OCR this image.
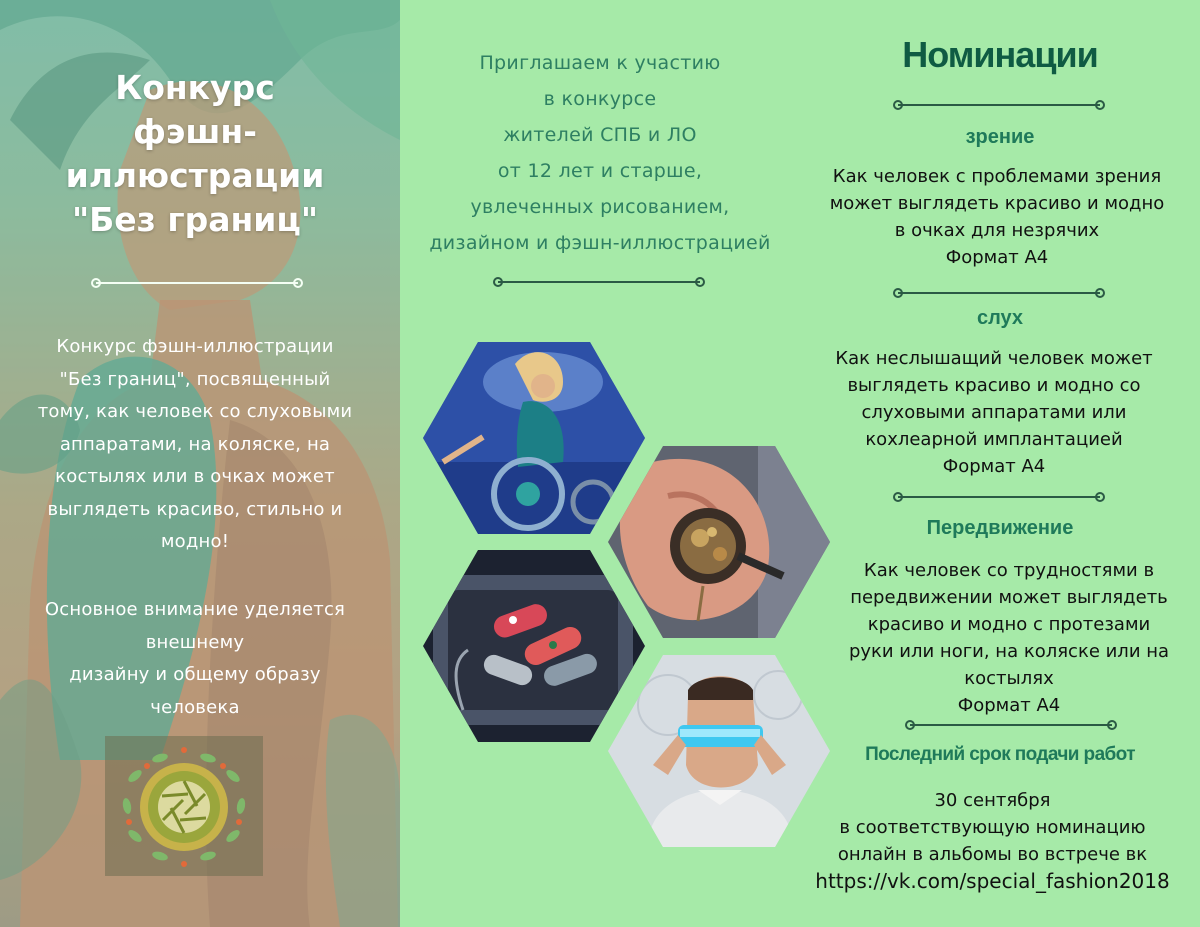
Конкурс
фэшн-
иллюстрации
"Без границ"
Конкурс фэшн-иллюстрации
"Без границ", посвященный
тому, как человек со слуховыми
аппаратами, на коляске, на
костылях или в очках может
выглядеть красиво, стильно и
модно!
Основное внимание уделяется
внешнему
дизайну и общему образу
человека
Приглашаем к участию
в конкурсе
жителей СПБ и ЛО
от 12 лет и старше,
увлеченных рисованием,
дизайном и фэшн-иллюстрацией
Номинации
зрение
Как человек с проблемами зрения
может выглядеть красиво и модно
в очках для незрячих
Формат А4
слух
Как неслышащий человек может
выглядеть красиво и модно со
слуховыми аппаратами или
кохлеарной имплантацией
Формат А4
Передвижение
Как человек со трудностями в
передвижении может выглядеть
красиво и модно с протезами
руки или ноги, на коляске или на
костылях
Формат А4
Последний срок подачи работ
30 сентября
в соответствующую номинацию
онлайн в альбомы во встрече вк
https://vk.com/special_fashion2018
